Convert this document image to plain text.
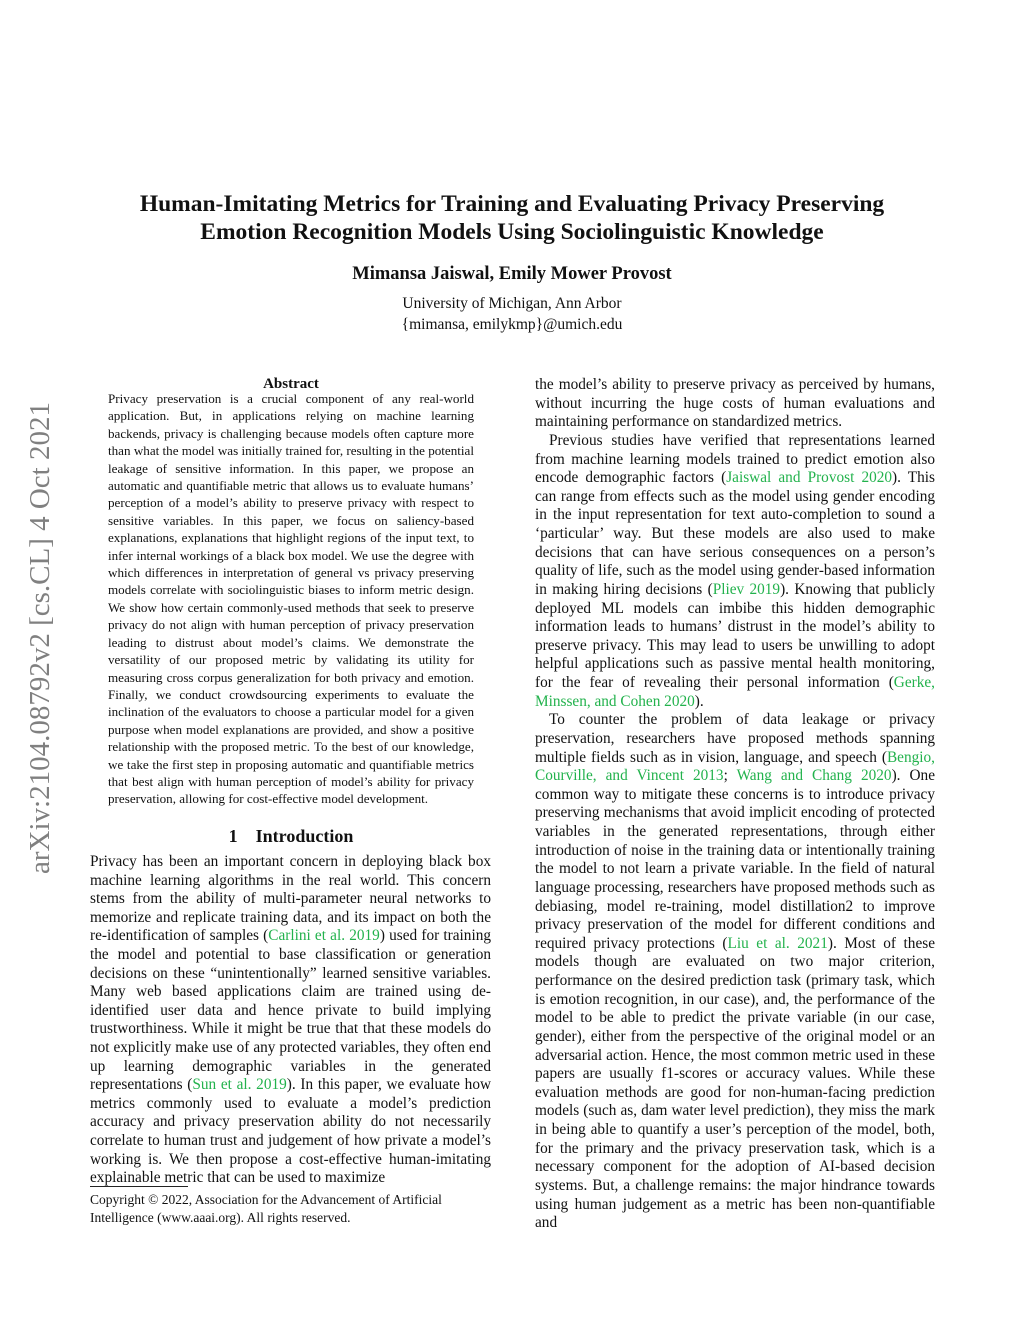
arXiv:2104.08792v2 [cs.CL] 4 Oct 2021
Human-Imitating Metrics for Training and Evaluating Privacy Preserving
Emotion Recognition Models Using Sociolinguistic Knowledge
Mimansa Jaiswal, Emily Mower Provost
University of Michigan, Ann Arbor
{mimansa, emilykmp}@umich.edu
Abstract
Privacy preservation is a crucial component of any real-world application. But, in applications relying on machine learning backends, privacy is challenging because models often capture more than what the model was initially trained for, resulting in the potential leakage of sensitive information. In this paper, we propose an automatic and quantifiable metric that allows us to evaluate humans’ perception of a model’s ability to preserve privacy with respect to sensitive variables. In this paper, we focus on saliency-based explanations, explanations that highlight regions of the input text, to infer internal workings of a black box model. We use the degree with which differences in interpretation of general vs privacy preserving models correlate with sociolinguistic biases to inform metric design. We show how certain commonly-used methods that seek to preserve privacy do not align with human perception of privacy preservation leading to distrust about model’s claims. We demonstrate the versatility of our proposed metric by validating its utility for measuring cross corpus generalization for both privacy and emotion. Finally, we conduct crowdsourcing experiments to evaluate the inclination of the evaluators to choose a particular model for a given purpose when model explanations are provided, and show a positive relationship with the proposed metric. To the best of our knowledge, we take the first step in proposing automatic and quantifiable metrics that best align with human perception of model’s ability for privacy preservation, allowing for cost-effective model development.
1 Introduction

Privacy has been an important concern in deploying black box machine learning algorithms in the real world. This concern stems from the ability of multi-parameter neural networks to memorize and replicate training data, and its impact on both the re-identification of samples (Carlini et al. 2019) used for training the model and potential to base classification or generation decisions on these “unintentionally” learned sensitive variables. Many web based applications claim are trained using de-identified user data and hence private to build implying trustworthiness. While it might be true that that these models do not explicitly make use of any protected variables, they often end up learning demographic variables in the generated representations (Sun et al. 2019). In this paper, we evaluate how metrics commonly used to evaluate a model’s prediction accuracy and privacy preservation ability do not necessarily correlate to human trust and judgement of how private a model’s working is. We then propose a cost-effective human-imitating explainable metric that can be used to maximize

the model’s ability to preserve privacy as perceived by humans, without incurring the huge costs of human evaluations and maintaining performance on standardized metrics.

Previous studies have verified that representations learned from machine learning models trained to predict emotion also encode demographic factors (Jaiswal and Provost 2020). This can range from effects such as the model using gender encoding in the input representation for text auto-completion to sound a ‘particular’ way. But these models are also used to make decisions that can have serious consequences on a person’s quality of life, such as the model using gender-based information in making hiring decisions (Pliev 2019). Knowing that publicly deployed ML models can imbibe this hidden demographic information leads to humans’ distrust in the model’s ability to preserve privacy. This may lead to users be unwilling to adopt helpful applications such as passive mental health monitoring, for the fear of revealing their personal information (Gerke, Minssen, and Cohen 2020).

To counter the problem of data leakage or privacy preservation, researchers have proposed methods spanning multiple fields such as in vision, language, and speech (Bengio, Courville, and Vincent 2013; Wang and Chang 2020). One common way to mitigate these concerns is to introduce privacy preserving mechanisms that avoid implicit encoding of protected variables in the generated representations, through either introduction of noise in the training data or intentionally training the model to not learn a private variable. In the field of natural language processing, researchers have proposed methods such as debiasing, model re-training, model distillation2 to improve privacy preservation of the model for different conditions and required privacy protections (Liu et al. 2021). Most of these models though are evaluated on two major criterion, performance on the desired prediction task (primary task, which is emotion recognition, in our case), and, the performance of the model to be able to predict the private variable (in our case, gender), either from the perspective of the original model or an adversarial action. Hence, the most common metric used in these papers are usually f1-scores or accuracy values. While these evaluation methods are good for non-human-facing prediction models (such as, dam water level prediction), they miss the mark in being able to quantify a user’s perception of the model, both, for the primary and the privacy preservation task, which is a necessary component for the adoption of AI-based decision systems. But, a challenge remains: the major hindrance towards using human judgement as a metric has been non-quantifiable and

Copyright © 2022, Association for the Advancement of Artificial Intelligence (www.aaai.org). All rights reserved.
